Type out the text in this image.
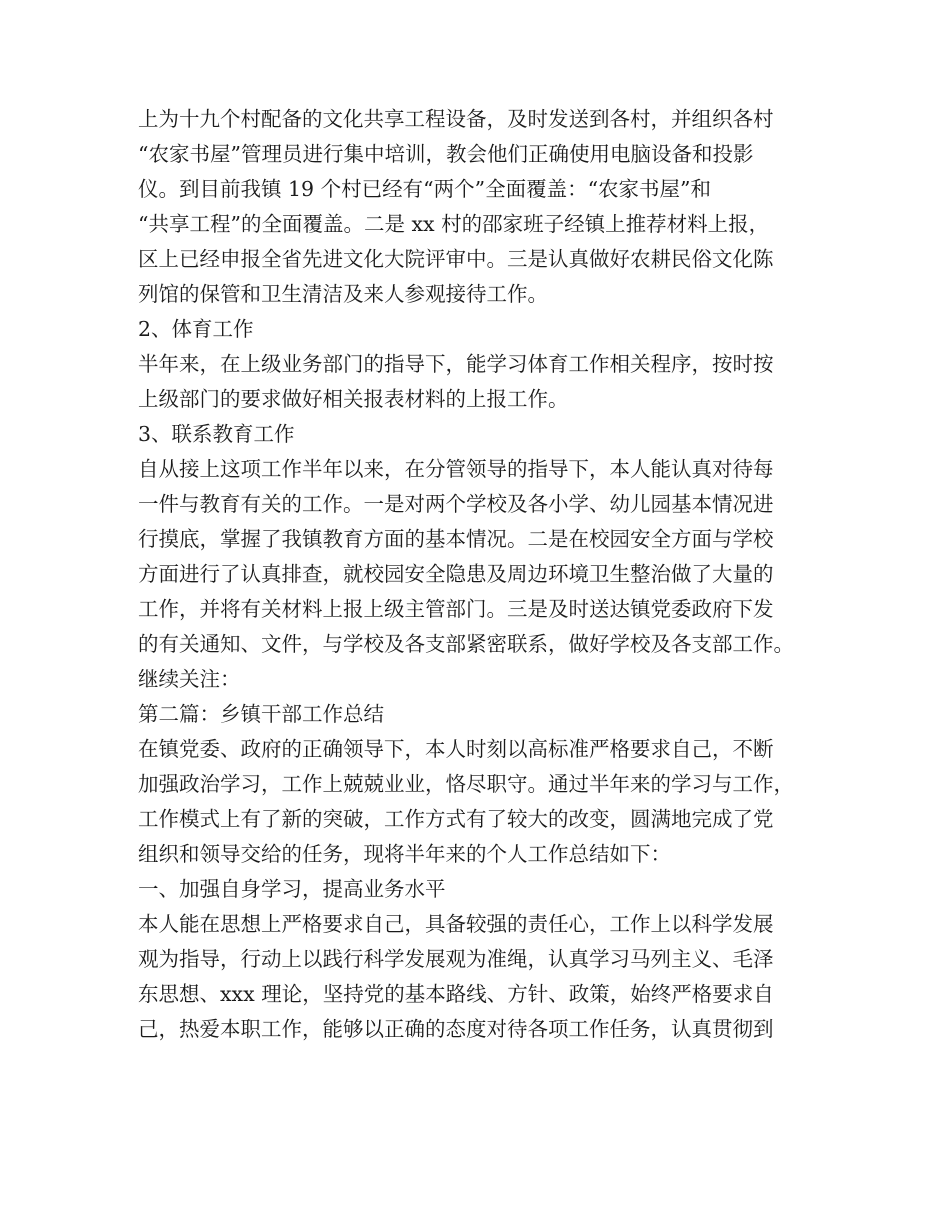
上为十九个村配备的文化共享工程设备，及时发送到各村，并组织各村
“农家书屋”管理员进行集中培训，教会他们正确使用电脑设备和投影
仪。到目前我镇 19 个村已经有“两个”全面覆盖：“农家书屋”和
“共享工程”的全面覆盖。二是 xx 村的邵家班子经镇上推荐材料上报，
区上已经申报全省先进文化大院评审中。三是认真做好农耕民俗文化陈
列馆的保管和卫生清洁及来人参观接待工作。
2、体育工作
半年来，在上级业务部门的指导下，能学习体育工作相关程序，按时按
上级部门的要求做好相关报表材料的上报工作。
3、联系教育工作
自从接上这项工作半年以来，在分管领导的指导下，本人能认真对待每
一件与教育有关的工作。一是对两个学校及各小学、幼儿园基本情况进
行摸底，掌握了我镇教育方面的基本情况。二是在校园安全方面与学校
方面进行了认真排查，就校园安全隐患及周边环境卫生整治做了大量的
工作，并将有关材料上报上级主管部门。三是及时送达镇党委政府下发
的有关通知、文件，与学校及各支部紧密联系，做好学校及各支部工作。
继续关注：
第二篇：乡镇干部工作总结
在镇党委、政府的正确领导下，本人时刻以高标准严格要求自己，不断
加强政治学习，工作上兢兢业业，恪尽职守。通过半年来的学习与工作，
工作模式上有了新的突破，工作方式有了较大的改变，圆满地完成了党
组织和领导交给的任务，现将半年来的个人工作总结如下：
一、加强自身学习，提高业务水平
本人能在思想上严格要求自己，具备较强的责任心，工作上以科学发展
观为指导，行动上以践行科学发展观为准绳，认真学习马列主义、毛泽
东思想、xxx 理论，坚持党的基本路线、方针、政策，始终严格要求自
己，热爱本职工作，能够以正确的态度对待各项工作任务，认真贯彻到
